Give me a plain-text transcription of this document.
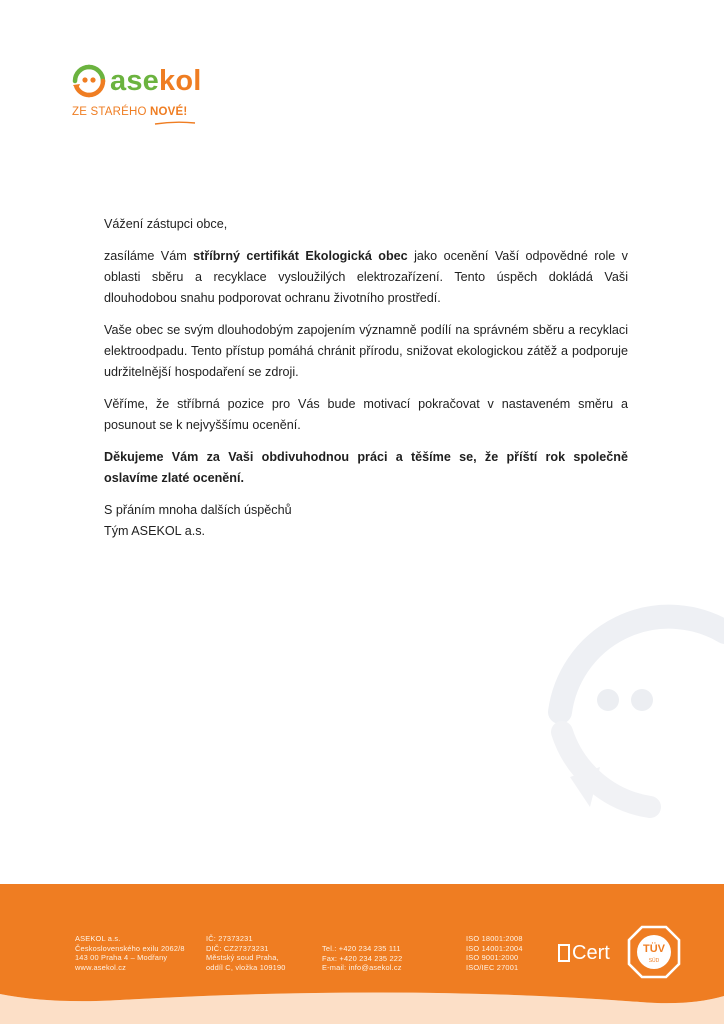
asekol
ZE STARÉHO NOVÉ!

Vážení zástupci obce,

zasíláme Vám stříbrný certifikát Ekologická obec jako ocenění Vaší odpovědné role v oblasti sběru a recyklace vysloužilých elektrozařízení. Tento úspěch dokládá Vaši dlouhodobou snahu podporovat ochranu životního prostředí.

Vaše obec se svým dlouhodobým zapojením významně podílí na správném sběru a recyklaci elektroodpadu. Tento přístup pomáhá chránit přírodu, snižovat ekologickou zátěž a podporuje udržitelnější hospodaření se zdroji.

Věříme, že stříbrná pozice pro Vás bude motivací pokračovat v nastaveném směru a posunout se k nejvyššímu ocenění.

Děkujeme Vám za Vaši obdivuhodnou práci a těšíme se, že příští rok společně oslavíme zlaté ocenění.

S přáním mnoha dalších úspěchů

Tým ASEKOL a.s.

ASEKOL a.s.
Československého exilu 2062/8
143 00 Praha 4 – Modřany
www.asekol.cz
IČ: 27373231
DIČ: CZ27373231
Městský soud Praha,
oddíl C, vložka 109190
Tel.: +420 234 235 111
Fax: +420 234 235 222
E-mail: info@asekol.cz
ISO 18001:2008
ISO 14001:2004
ISO 9001:2000
ISO/IEC 27001
Cert	TÜV
SÜD
